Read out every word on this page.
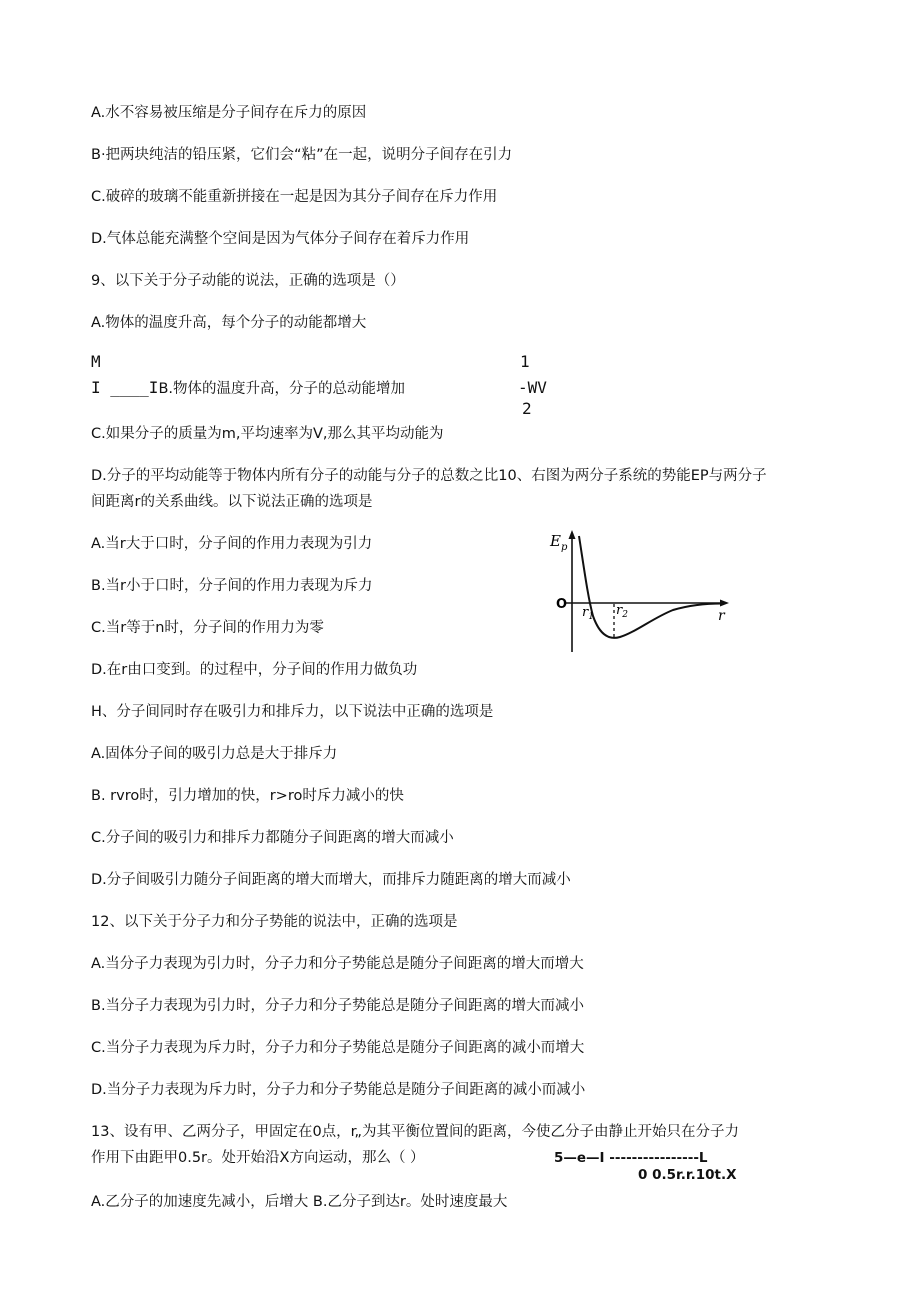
A.水不容易被压缩是分子间存在斥力的原因
B·把两块纯洁的铅压紧，它们会“粘”在一起，说明分子间存在引力
C.破碎的玻璃不能重新拼接在一起是因为其分子间存在斥力作用
D.气体总能充满整个空间是因为气体分子间存在着斥力作用
9、以下关于分子动能的说法，正确的选项是（）
A.物体的温度升高，每个分子的动能都增大
M
I ____IB.物体的温度升高，分子的总动能增加
1
-WV
2
C.如果分子的质量为m,平均速率为V,那么其平均动能为
D.分子的平均动能等于物体内所有分子的动能与分子的总数之比10、右图为两分子系统的势能EP与两分子
间距离r的关系曲线。以下说法正确的选项是
A.当r大于口时，分子间的作用力表现为引力
B.当r小于口时，分子间的作用力表现为斥力
C.当r等于n时，分子间的作用力为零
D.在r由口变到。的过程中，分子间的作用力做负功
$E_p$
O
$r_1$ $r_2$	r
H、分子间同时存在吸引力和排斥力，以下说法中正确的选项是
A.固体分子间的吸引力总是大于排斥力
B. rvro时，引力增加的快，r>ro时斥力减小的快
C.分子间的吸引力和排斥力都随分子间距离的增大而减小
D.分子间吸引力随分子间距离的增大而增大，而排斥力随距离的增大而减小
12、以下关于分子力和分子势能的说法中，正确的选项是
A.当分子力表现为引力时，分子力和分子势能总是随分子间距离的增大而增大
B.当分子力表现为引力时，分子力和分子势能总是随分子间距离的增大而减小
C.当分子力表现为斥力时，分子力和分子势能总是随分子间距离的减小而增大
D.当分子力表现为斥力时，分子力和分子势能总是随分子间距离的减小而减小
13、设有甲、乙两分子，甲固定在0点，r„为其平衡位置间的距离，今使乙分子由静止开始只在分子力
作用下由距甲0.5r。处开始沿X方向运动，那么（ ）	5—e—I ----------------L
0 0.5r.r.10t.X
A.乙分子的加速度先减小，后增大 B.乙分子到达r。处时速度最大
